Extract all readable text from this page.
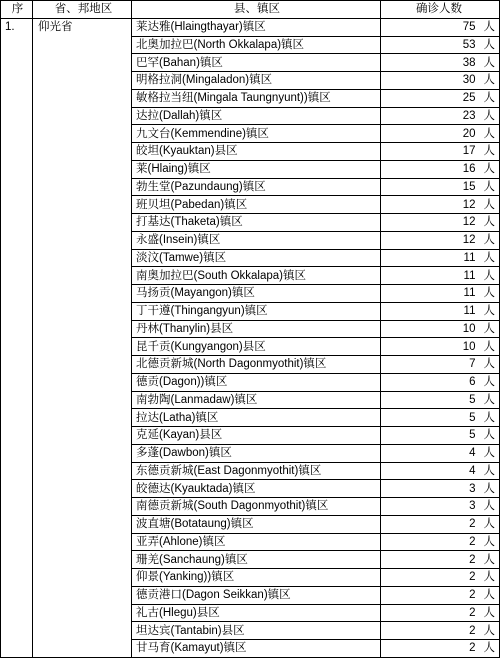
序	省、邦地区	县、镇区	确诊人数
1.	仰光省	莱达雅(Hlaingthayar)镇区	75 人
		北奥加拉巴(North Okkalapa)镇区	53 人
		巴罕(Bahan)镇区	38 人
		明格拉洞(Mingaladon)镇区	30 人
		敏格拉当纽(Mingala Taungnyunt))镇区	25 人
		达拉(Dallah)镇区	23 人
		九文台(Kemmendine)镇区	20 人
		皎坦(Kyauktan)县区	17 人
		莱(Hlaing)镇区	16 人
		勃生堂(Pazundaung)镇区	15 人
		班贝坦(Pabedan)镇区	12 人
		打基达(Thaketa)镇区	12 人
		永盛(Insein)镇区	12 人
		淡汶(Tamwe)镇区	11 人
		南奥加拉巴(South Okkalapa)镇区	11 人
		马扬贡(Mayangon)镇区	11 人
		丁干遵(Thingangyun)镇区	11 人
		丹林(Thanylin)县区	10 人
		昆千贡(Kungyangon)县区	10 人
		北德贡新城(North Dagonmyothit)镇区	7 人
		德贡(Dagon))镇区	6 人
		南勃陶(Lanmadaw)镇区	5 人
		拉达(Latha)镇区	5 人
		克延(Kayan)县区	5 人
		多蓬(Dawbon)镇区	4 人
		东德贡新城(East Dagonmyothit)镇区	4 人
		皎德达(Kyauktada)镇区	3 人
		南德贡新城(South Dagonmyothit)镇区	3 人
		波直塘(Botataung)镇区	2 人
		亚弄(Ahlone)镇区	2 人
		珊羌(Sanchaung)镇区	2 人
		仰景(Yanking))镇区	2 人
		德贡港口(Dagon Seikkan)镇区	2 人
		礼古(Hlegu)县区	2 人
		坦达宾(Tantabin)县区	2 人
		甘马育(Kamayut)镇区	2 人
